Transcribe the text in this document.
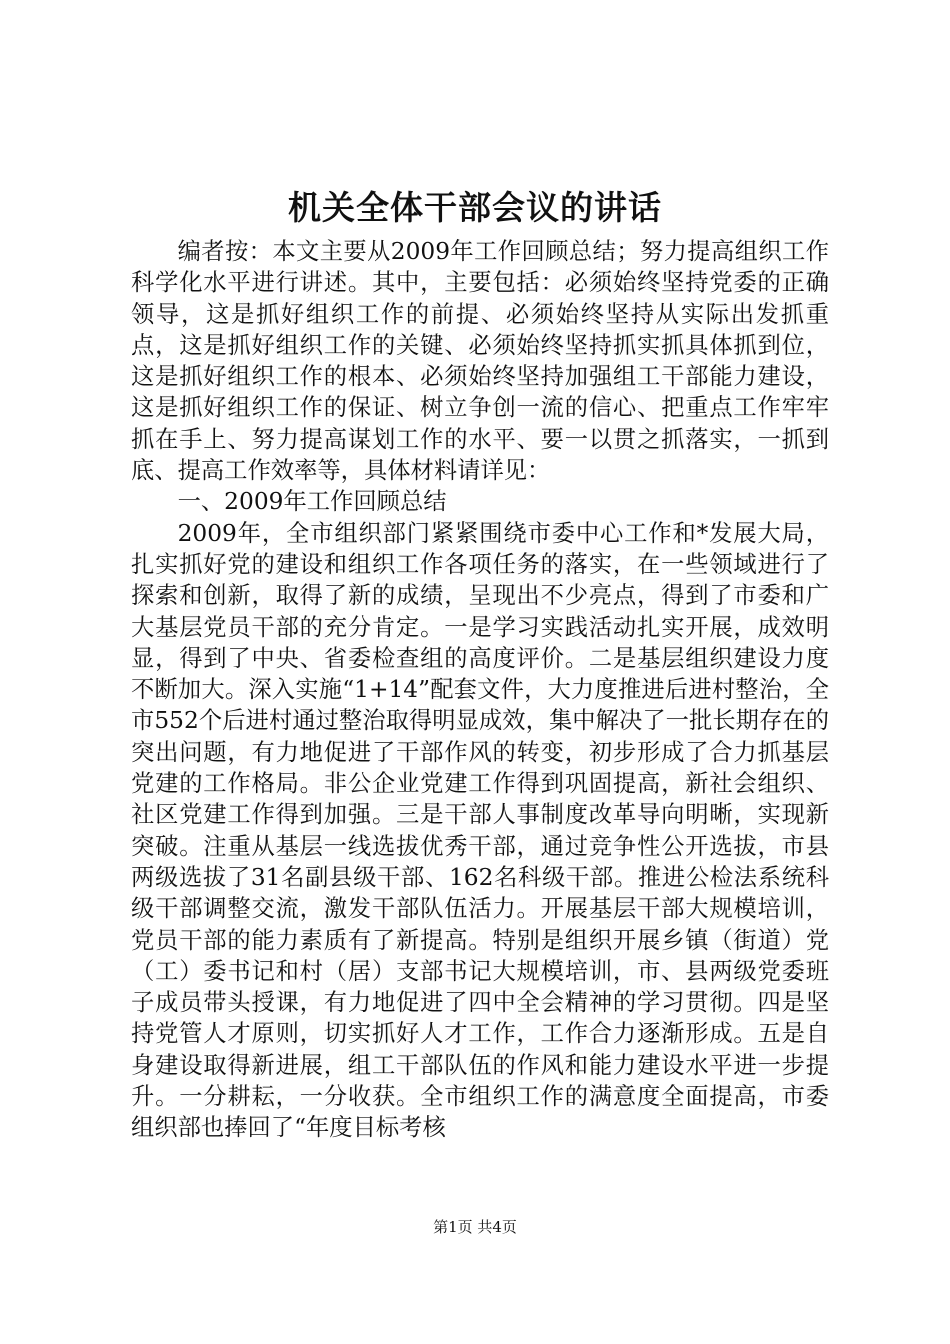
机关全体干部会议的讲话

编者按：本文主要从2009年工作回顾总结；努力提高组织工作科学化水平进行讲述。其中，主要包括：必须始终坚持党委的正确领导，这是抓好组织工作的前提、必须始终坚持从实际出发抓重点，这是抓好组织工作的关键、必须始终坚持抓实抓具体抓到位，这是抓好组织工作的根本、必须始终坚持加强组工干部能力建设，这是抓好组织工作的保证、树立争创一流的信心、把重点工作牢牢抓在手上、努力提高谋划工作的水平、要一以贯之抓落实，一抓到底、提高工作效率等，具体材料请详见：

一、2009年工作回顾总结

2009年，全市组织部门紧紧围绕市委中心工作和*发展大局，扎实抓好党的建设和组织工作各项任务的落实，在一些领域进行了探索和创新，取得了新的成绩，呈现出不少亮点，得到了市委和广大基层党员干部的充分肯定。一是学习实践活动扎实开展，成效明显，得到了中央、省委检查组的高度评价。二是基层组织建设力度不断加大。深入实施“1+14”配套文件，大力度推进后进村整治，全市552个后进村通过整治取得明显成效，集中解决了一批长期存在的突出问题，有力地促进了干部作风的转变，初步形成了合力抓基层党建的工作格局。非公企业党建工作得到巩固提高，新社会组织、社区党建工作得到加强。三是干部人事制度改革导向明晰，实现新突破。注重从基层一线选拔优秀干部，通过竞争性公开选拔，市县两级选拔了31名副县级干部、162名科级干部。推进公检法系统科级干部调整交流，激发干部队伍活力。开展基层干部大规模培训，党员干部的能力素质有了新提高。特别是组织开展乡镇（街道）党（工）委书记和村（居）支部书记大规模培训，市、县两级党委班子成员带头授课，有力地促进了四中全会精神的学习贯彻。四是坚持党管人才原则，切实抓好人才工作，工作合力逐渐形成。五是自身建设取得新进展，组工干部队伍的作风和能力建设水平进一步提升。一分耕耘，一分收获。全市组织工作的满意度全面提高，市委组织部也捧回了“年度目标考核

第1页 共4页
